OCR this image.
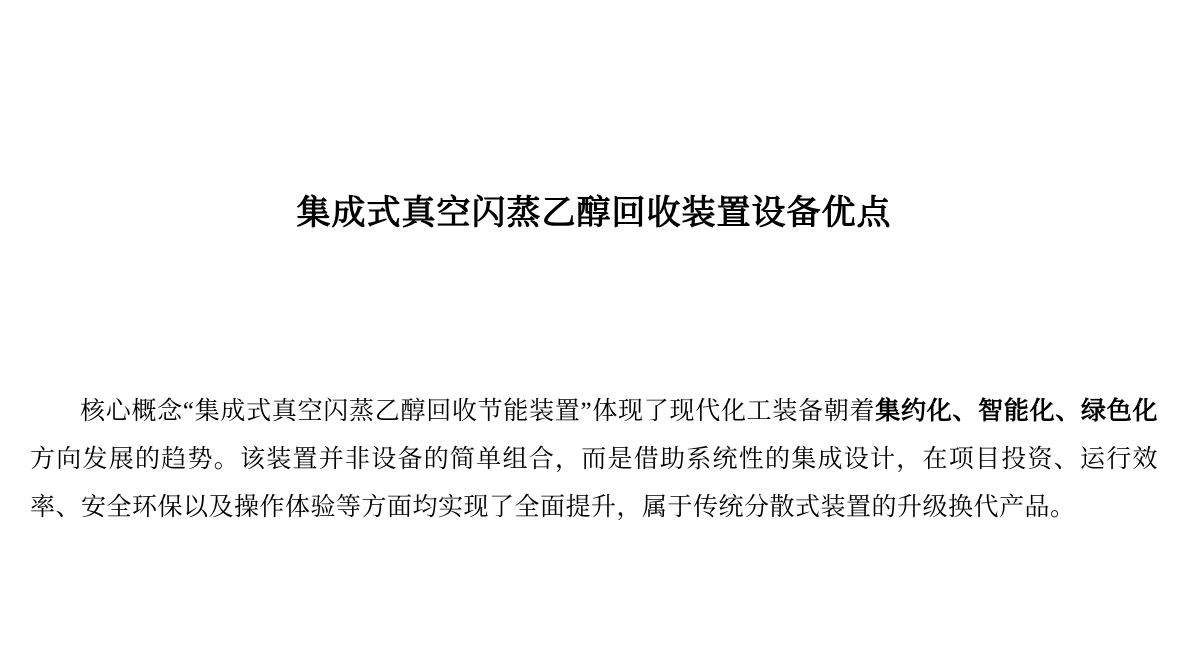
集成式真空闪蒸乙醇回收装置设备优点

核心概念“集成式真空闪蒸乙醇回收节能装置”体现了现代化工装备朝着集约化、智能化、绿色化方向发展的趋势。该装置并非设备的简单组合，而是借助系统性的集成设计，在项目投资、运行效率、安全环保以及操作体验等方面均实现了全面提升，属于传统分散式装置的升级换代产品。
